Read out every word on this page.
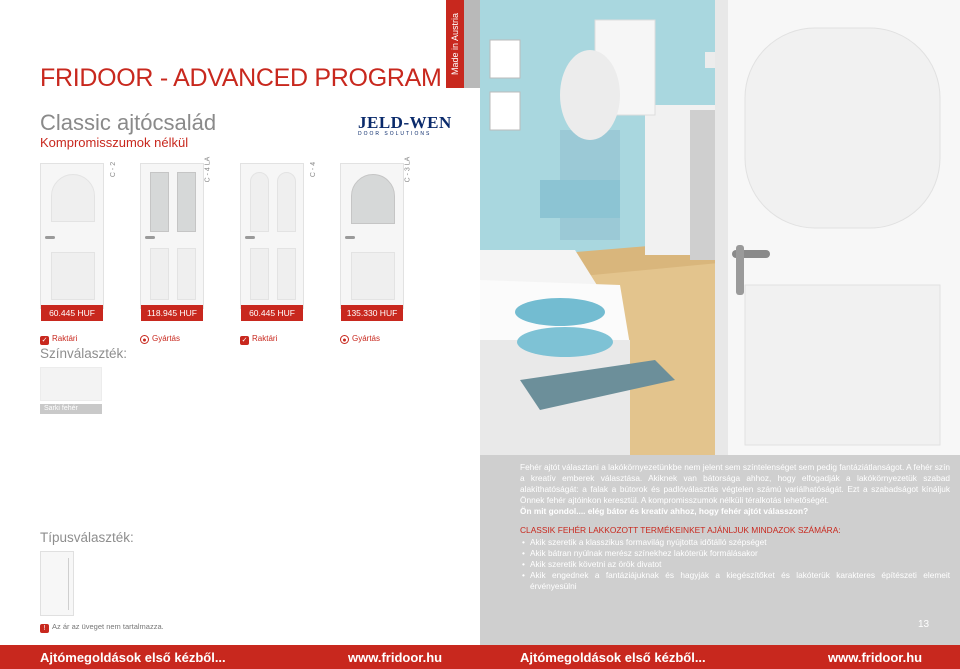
Made in Austria
FRIDOOR - ADVANCED PROGRAM
Classic ajtócsalád
Kompromisszumok nélkül
JELD-WEN
DOOR SOLUTIONS
C - 2	C - 4 LA	C - 4	C - 3 LA
60.445 HUF	118.945 HUF	60.445 HUF	135.330 HUF
✓ Raktári	● Gyártás	✓ Raktári	● Gyártás
Színválaszték:
Sarki fehér
Típusválaszték:
! Az ár az üveget nem tartalmazza.

Fehér ajtót választani a lakókörnyezetünkbe nem jelent sem színtelenséget sem pedig fantáziátlanságot. A fehér szín a kreatív emberek választása. Akiknek van bátorsága ahhoz, hogy elfogadják a lakókörnyezetük szabad alakíthatóságát: a falak a bútorok és padlóválasztás végtelen számú variálhatóságát. Ezt a szabadságot kínáljuk Önnek fehér ajtóinkon keresztül. A kompromisszumok nélküli téralkotás lehetőségét.

Ön mit gondol.... elég bátor és kreatív ahhoz, hogy fehér ajtót válasszon?

CLASSIK FEHÉR LAKKOZOTT TERMÉKEINKET AJÁNLJUK MINDAZOK SZÁMÁRA:

• Akik szeretik a klasszikus formavilág nyújtotta időtálló szépséget
• Akik bátran nyúlnak merész színekhez lakóterük formálásakor
• Akik szeretik követni az örök divatot
• Akik engednek a fantáziájuknak és hagyják a kiegészítőket és lakóterük karakteres építészeti elemeit érvényesülni
13
Ajtómegoldások első kézből...	www.fridoor.hu	Ajtómegoldások első kézből...	www.fridoor.hu
